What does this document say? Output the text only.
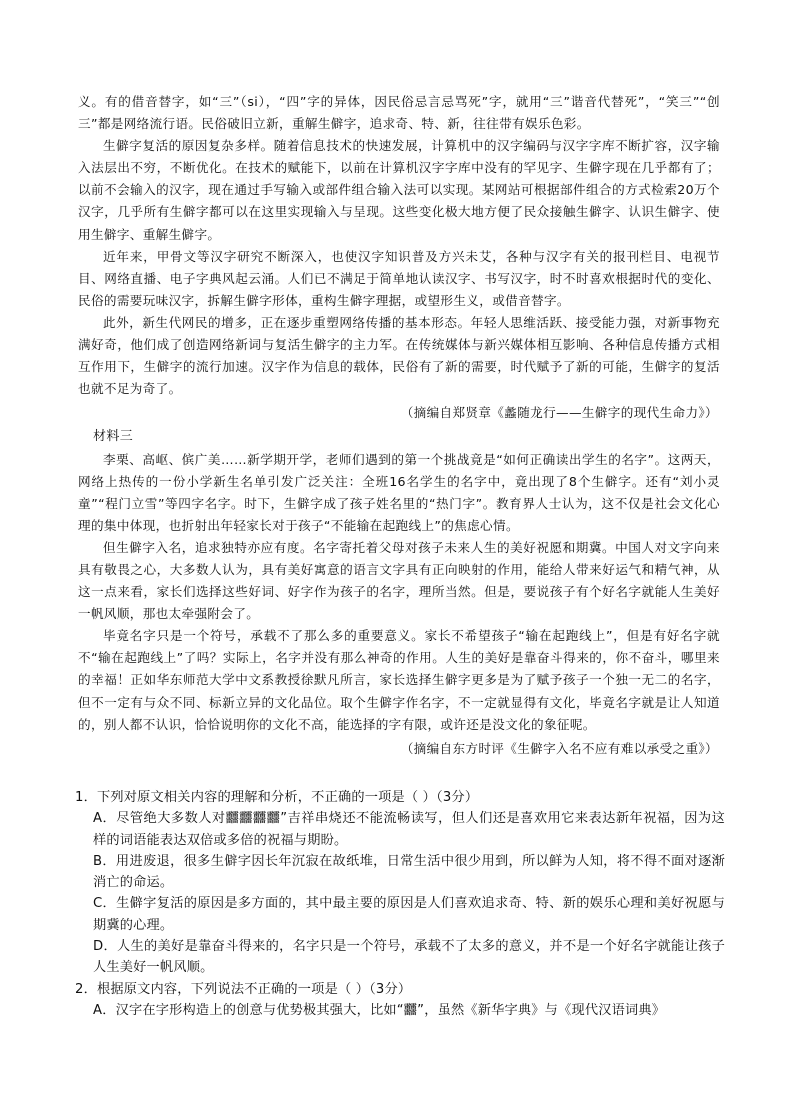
义。有的借音替字，如“三”（si），“四”字的异体，因民俗忌言忌骂死”字，就用“三”谐音代替死”，“笑三”“创三”都是网络流行语。民俗破旧立新，重解生僻字，追求奇、特、新，往往带有娱乐色彩。

生僻字复活的原因复杂多样。随着信息技术的快速发展，计算机中的汉字编码与汉字字库不断扩容，汉字输入法层出不穷，不断优化。在技术的赋能下，以前在计算机汉字字库中没有的罕见字、生僻字现在几乎都有了；以前不会输入的汉字，现在通过手写输入或部件组合输入法可以实现。某网站可根据部件组合的方式检索20万个汉字，几乎所有生僻字都可以在这里实现输入与呈现。这些变化极大地方便了民众接触生僻字、认识生僻字、使用生僻字、重解生僻字。

近年来，甲骨文等汉字研究不断深入，也使汉字知识普及方兴未艾，各种与汉字有关的报刊栏目、电视节目、网络直播、电子字典风起云涌。人们已不满足于简单地认读汉字、书写汉字，时不时喜欢根据时代的变化、民俗的需要玩味汉字，拆解生僻字形体，重构生僻字理据，或望形生义，或借音替字。

此外，新生代网民的增多，正在逐步重塑网络传播的基本形态。年轻人思维活跃、接受能力强，对新事物充满好奇，他们成了创造网络新词与复活生僻字的主力军。在传统媒体与新兴媒体相互影响、各种信息传播方式相互作用下，生僻字的流行加速。汉字作为信息的载体，民俗有了新的需要，时代赋予了新的可能，生僻字的复活也就不足为奇了。

（摘编自郑贤章《蠡随龙行——生僻字的现代生命力》）

材料三

李栗、高岖、傧广美……新学期开学，老师们遇到的第一个挑战竟是“如何正确读出学生的名字”。这两天，网络上热传的一份小学新生名单引发广泛关注：全班16名学生的名字中，竟出现了8个生僻字。还有“刘小灵童”“程门立雪”等四字名字。时下，生僻字成了孩子姓名里的“热门字”。教育界人士认为，这不仅是社会文化心理的集中体现，也折射出年轻家长对于孩子“不能输在起跑线上”的焦虑心情。

但生僻字入名，追求独特亦应有度。名字寄托着父母对孩子未来人生的美好祝愿和期冀。中国人对文字向来具有敬畏之心，大多数人认为，具有美好寓意的语言文字具有正向映射的作用，能给人带来好运气和精气神，从这一点来看，家长们选择这些好词、好字作为孩子的名字，理所当然。但是，要说孩子有个好名字就能人生美好一帆风顺，那也太牵强附会了。

毕竟名字只是一个符号，承载不了那么多的重要意义。家长不希望孩子“输在起跑线上”，但是有好名字就不“输在起跑线上”了吗？实际上，名字并没有那么神奇的作用。人生的美好是靠奋斗得来的，你不奋斗，哪里来的幸福！正如华东师范大学中文系教授徐默凡所言，家长选择生僻字更多是为了赋予孩子一个独一无二的名字，但不一定有与众不同、标新立异的文化品位。取个生僻字作名字，不一定就显得有文化，毕竟名字就是让人知道的，别人都不认识，恰恰说明你的文化不高，能选择的字有限，或许还是没文化的象征呢。

（摘编自东方时评《生僻字入名不应有难以承受之重》）

1．下列对原文相关内容的理解和分析，不正确的一项是（ ）（3分）

A．尽管绝大多数人对䨻䨻䨻䨻”吉祥串烧还不能流畅读写，但人们还是喜欢用它来表达新年祝福，因为这样的词语能表达双倍或多倍的祝福与期盼。

B．用进废退，很多生僻字因长年沉寂在故纸堆，日常生活中很少用到，所以鲜为人知，将不得不面对逐渐消亡的命运。

C．生僻字复活的原因是多方面的，其中最主要的原因是人们喜欢追求奇、特、新的娱乐心理和美好祝愿与期冀的心理。

D．人生的美好是靠奋斗得来的，名字只是一个符号，承载不了太多的意义，并不是一个好名字就能让孩子人生美好一帆风顺。

2．根据原文内容，下列说法不正确的一项是（ ）（3分）

A．汉字在字形构造上的创意与优势极其强大，比如“䨻”，虽然《新华字典》与《现代汉语词典》
